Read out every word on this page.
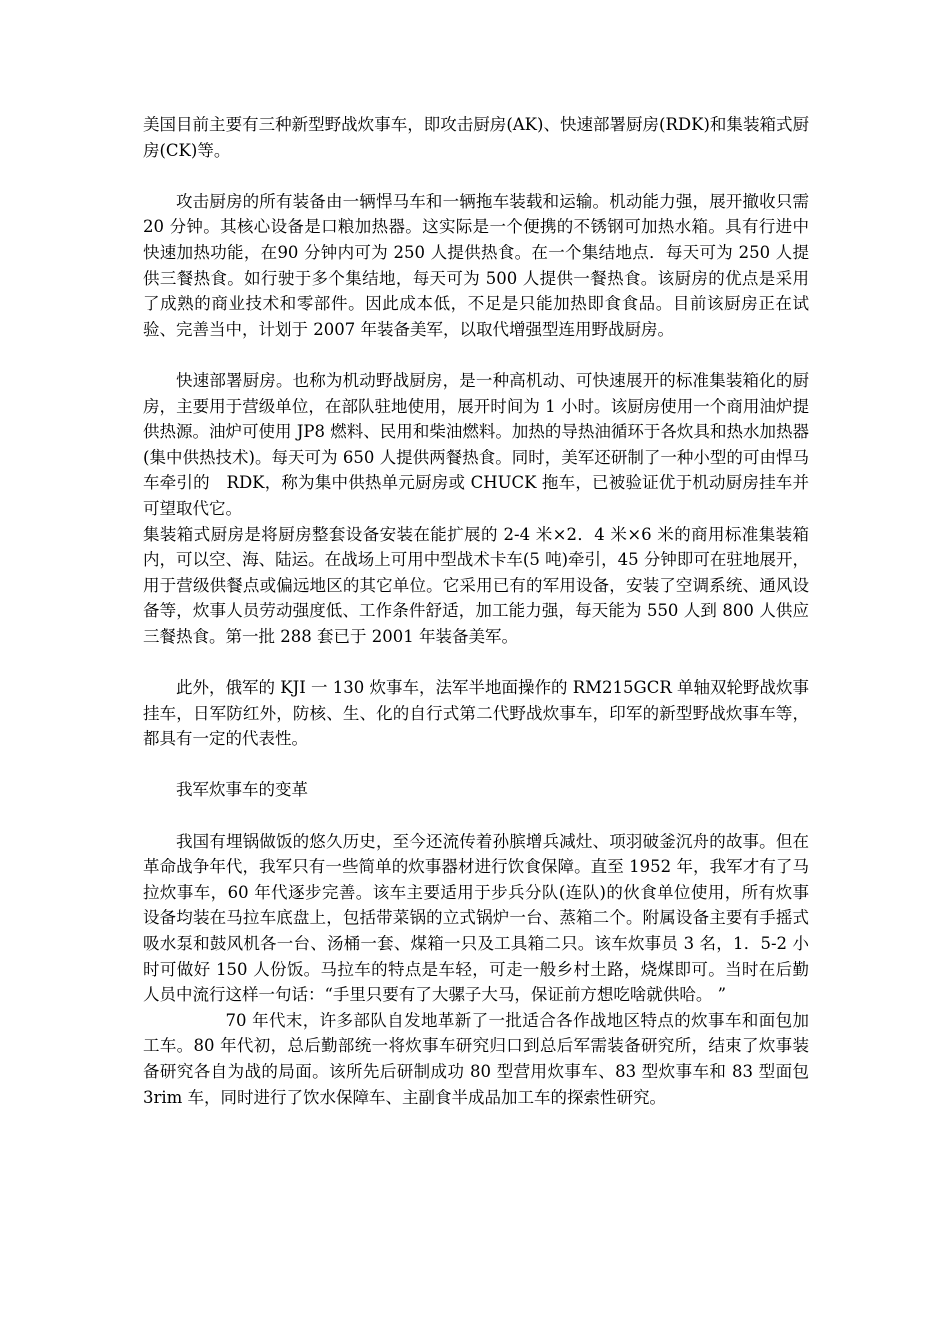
美国目前主要有三种新型野战炊事车，即攻击厨房(AK)、快速部署厨房(RDK)和集装箱式厨房(CK)等。

攻击厨房的所有装备由一辆悍马车和一辆拖车装载和运输。机动能力强，展开撤收只需 20 分钟。其核心设备是口粮加热器。这实际是一个便携的不锈钢可加热水箱。具有行进中快速加热功能，在90 分钟内可为 250 人提供热食。在一个集结地点．每天可为 250 人提供三餐热食。如行驶于多个集结地，每天可为 500 人提供一餐热食。该厨房的优点是采用了成熟的商业技术和零部件。因此成本低，不足是只能加热即食食品。目前该厨房正在试验、完善当中，计划于 2007 年装备美军，以取代增强型连用野战厨房。

快速部署厨房。也称为机动野战厨房，是一种高机动、可快速展开的标准集装箱化的厨房，主要用于营级单位，在部队驻地使用，展开时间为 1 小时。该厨房使用一个商用油炉提供热源。油炉可使用 JP8 燃料、民用和柴油燃料。加热的导热油循环于各炊具和热水加热器 (集中供热技术)。每天可为 650 人提供两餐热食。同时，美军还研制了一种小型的可由悍马车牵引的　RDK，称为集中供热单元厨房或 CHUCK 拖车，已被验证优于机动厨房挂车并可望取代它。

集装箱式厨房是将厨房整套设备安装在能扩展的 2-4 米×2．4 米×6 米的商用标准集装箱内，可以空、海、陆运。在战场上可用中型战术卡车(5 吨)牵引，45 分钟即可在驻地展开，用于营级供餐点或偏远地区的其它单位。它采用已有的军用设备，安装了空调系统、通风设备等，炊事人员劳动强度低、工作条件舒适，加工能力强，每天能为 550 人到 800 人供应三餐热食。第一批 288 套已于 2001 年装备美军。

此外，俄军的 KJI 一 130 炊事车，法军半地面操作的 RM215GCR 单轴双轮野战炊事挂车，日军防红外，防核、生、化的自行式第二代野战炊事车，印军的新型野战炊事车等，都具有一定的代表性。

我军炊事车的变革

我国有埋锅做饭的悠久历史，至今还流传着孙膑增兵减灶、项羽破釜沉舟的故事。但在革命战争年代，我军只有一些简单的炊事器材进行饮食保障。直至 1952 年，我军才有了马拉炊事车，60 年代逐步完善。该车主要适用于步兵分队(连队)的伙食单位使用，所有炊事设备均装在马拉车底盘上，包括带菜锅的立式锅炉一台、蒸箱二个。附属设备主要有手摇式吸水泵和鼓风机各一台、汤桶一套、煤箱一只及工具箱二只。该车炊事员 3 名，1．5-2 小时可做好 150 人份饭。马拉车的特点是车轻，可走一般乡村土路，烧煤即可。当时在后勤人员中流行这样一句话：“手里只要有了大骡子大马，保证前方想吃啥就供哈。 ”

70 年代末，许多部队自发地革新了一批适合各作战地区特点的炊事车和面包加工车。80 年代初，总后勤部统一将炊事车研究归口到总后军需装备研究所，结束了炊事装备研究各自为战的局面。该所先后研制成功 80 型营用炊事车、83 型炊事车和 83 型面包 3rim 车，同时进行了饮水保障车、主副食半成品加工车的探索性研究。
